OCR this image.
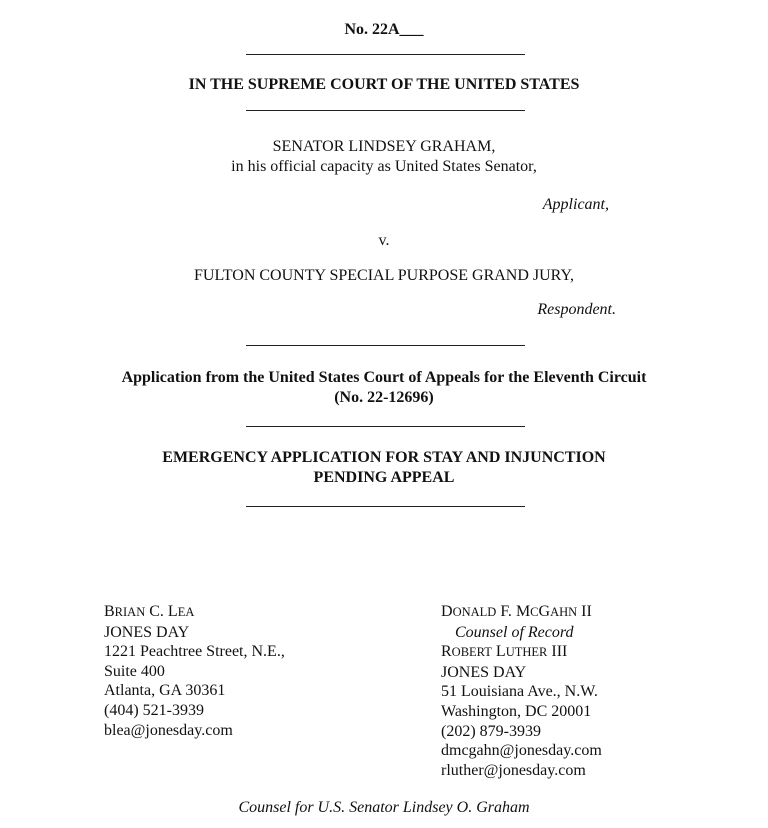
No. 22A___
IN THE SUPREME COURT OF THE UNITED STATES
SENATOR LINDSEY GRAHAM,
in his official capacity as United States Senator,
Applicant,
v.
FULTON COUNTY SPECIAL PURPOSE GRAND JURY,
Respondent.
Application from the United States Court of Appeals for the Eleventh Circuit
(No. 22-12696)
EMERGENCY APPLICATION FOR STAY AND INJUNCTION
PENDING APPEAL
BRIAN C. LEA
JONES DAY
1221 Peachtree Street, N.E.,
Suite 400
Atlanta, GA 30361
(404) 521-3939
blea@jonesday.com
DONALD F. MCGAHN II
Counsel of Record
ROBERT LUTHER III
JONES DAY
51 Louisiana Ave., N.W.
Washington, DC 20001
(202) 879-3939
dmcgahn@jonesday.com
rluther@jonesday.com
Counsel for U.S. Senator Lindsey O. Graham
